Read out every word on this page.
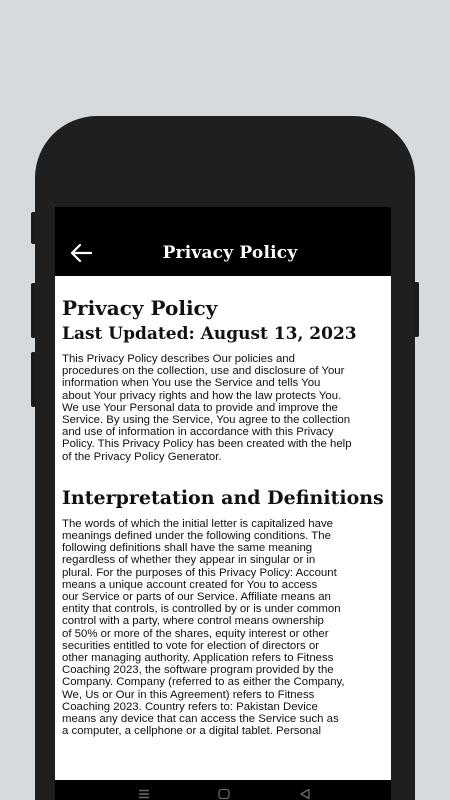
Privacy Policy
Privacy Policy
Last Updated: August 13, 2023

This Privacy Policy describes Our policies and
procedures on the collection, use and disclosure of Your
information when You use the Service and tells You
about Your privacy rights and how the law protects You.
We use Your Personal data to provide and improve the
Service. By using the Service, You agree to the collection
and use of information in accordance with this Privacy
Policy. This Privacy Policy has been created with the help
of the Privacy Policy Generator.

Interpretation and Definitions

The words of which the initial letter is capitalized have
meanings defined under the following conditions. The
following definitions shall have the same meaning
regardless of whether they appear in singular or in
plural. For the purposes of this Privacy Policy: Account
means a unique account created for You to access
our Service or parts of our Service. Affiliate means an
entity that controls, is controlled by or is under common
control with a party, where control means ownership
of 50% or more of the shares, equity interest or other
securities entitled to vote for election of directors or
other managing authority. Application refers to Fitness
Coaching 2023, the software program provided by the
Company. Company (referred to as either the Company,
We, Us or Our in this Agreement) refers to Fitness
Coaching 2023. Country refers to: Pakistan Device
means any device that can access the Service such as
a computer, a cellphone or a digital tablet. Personal
